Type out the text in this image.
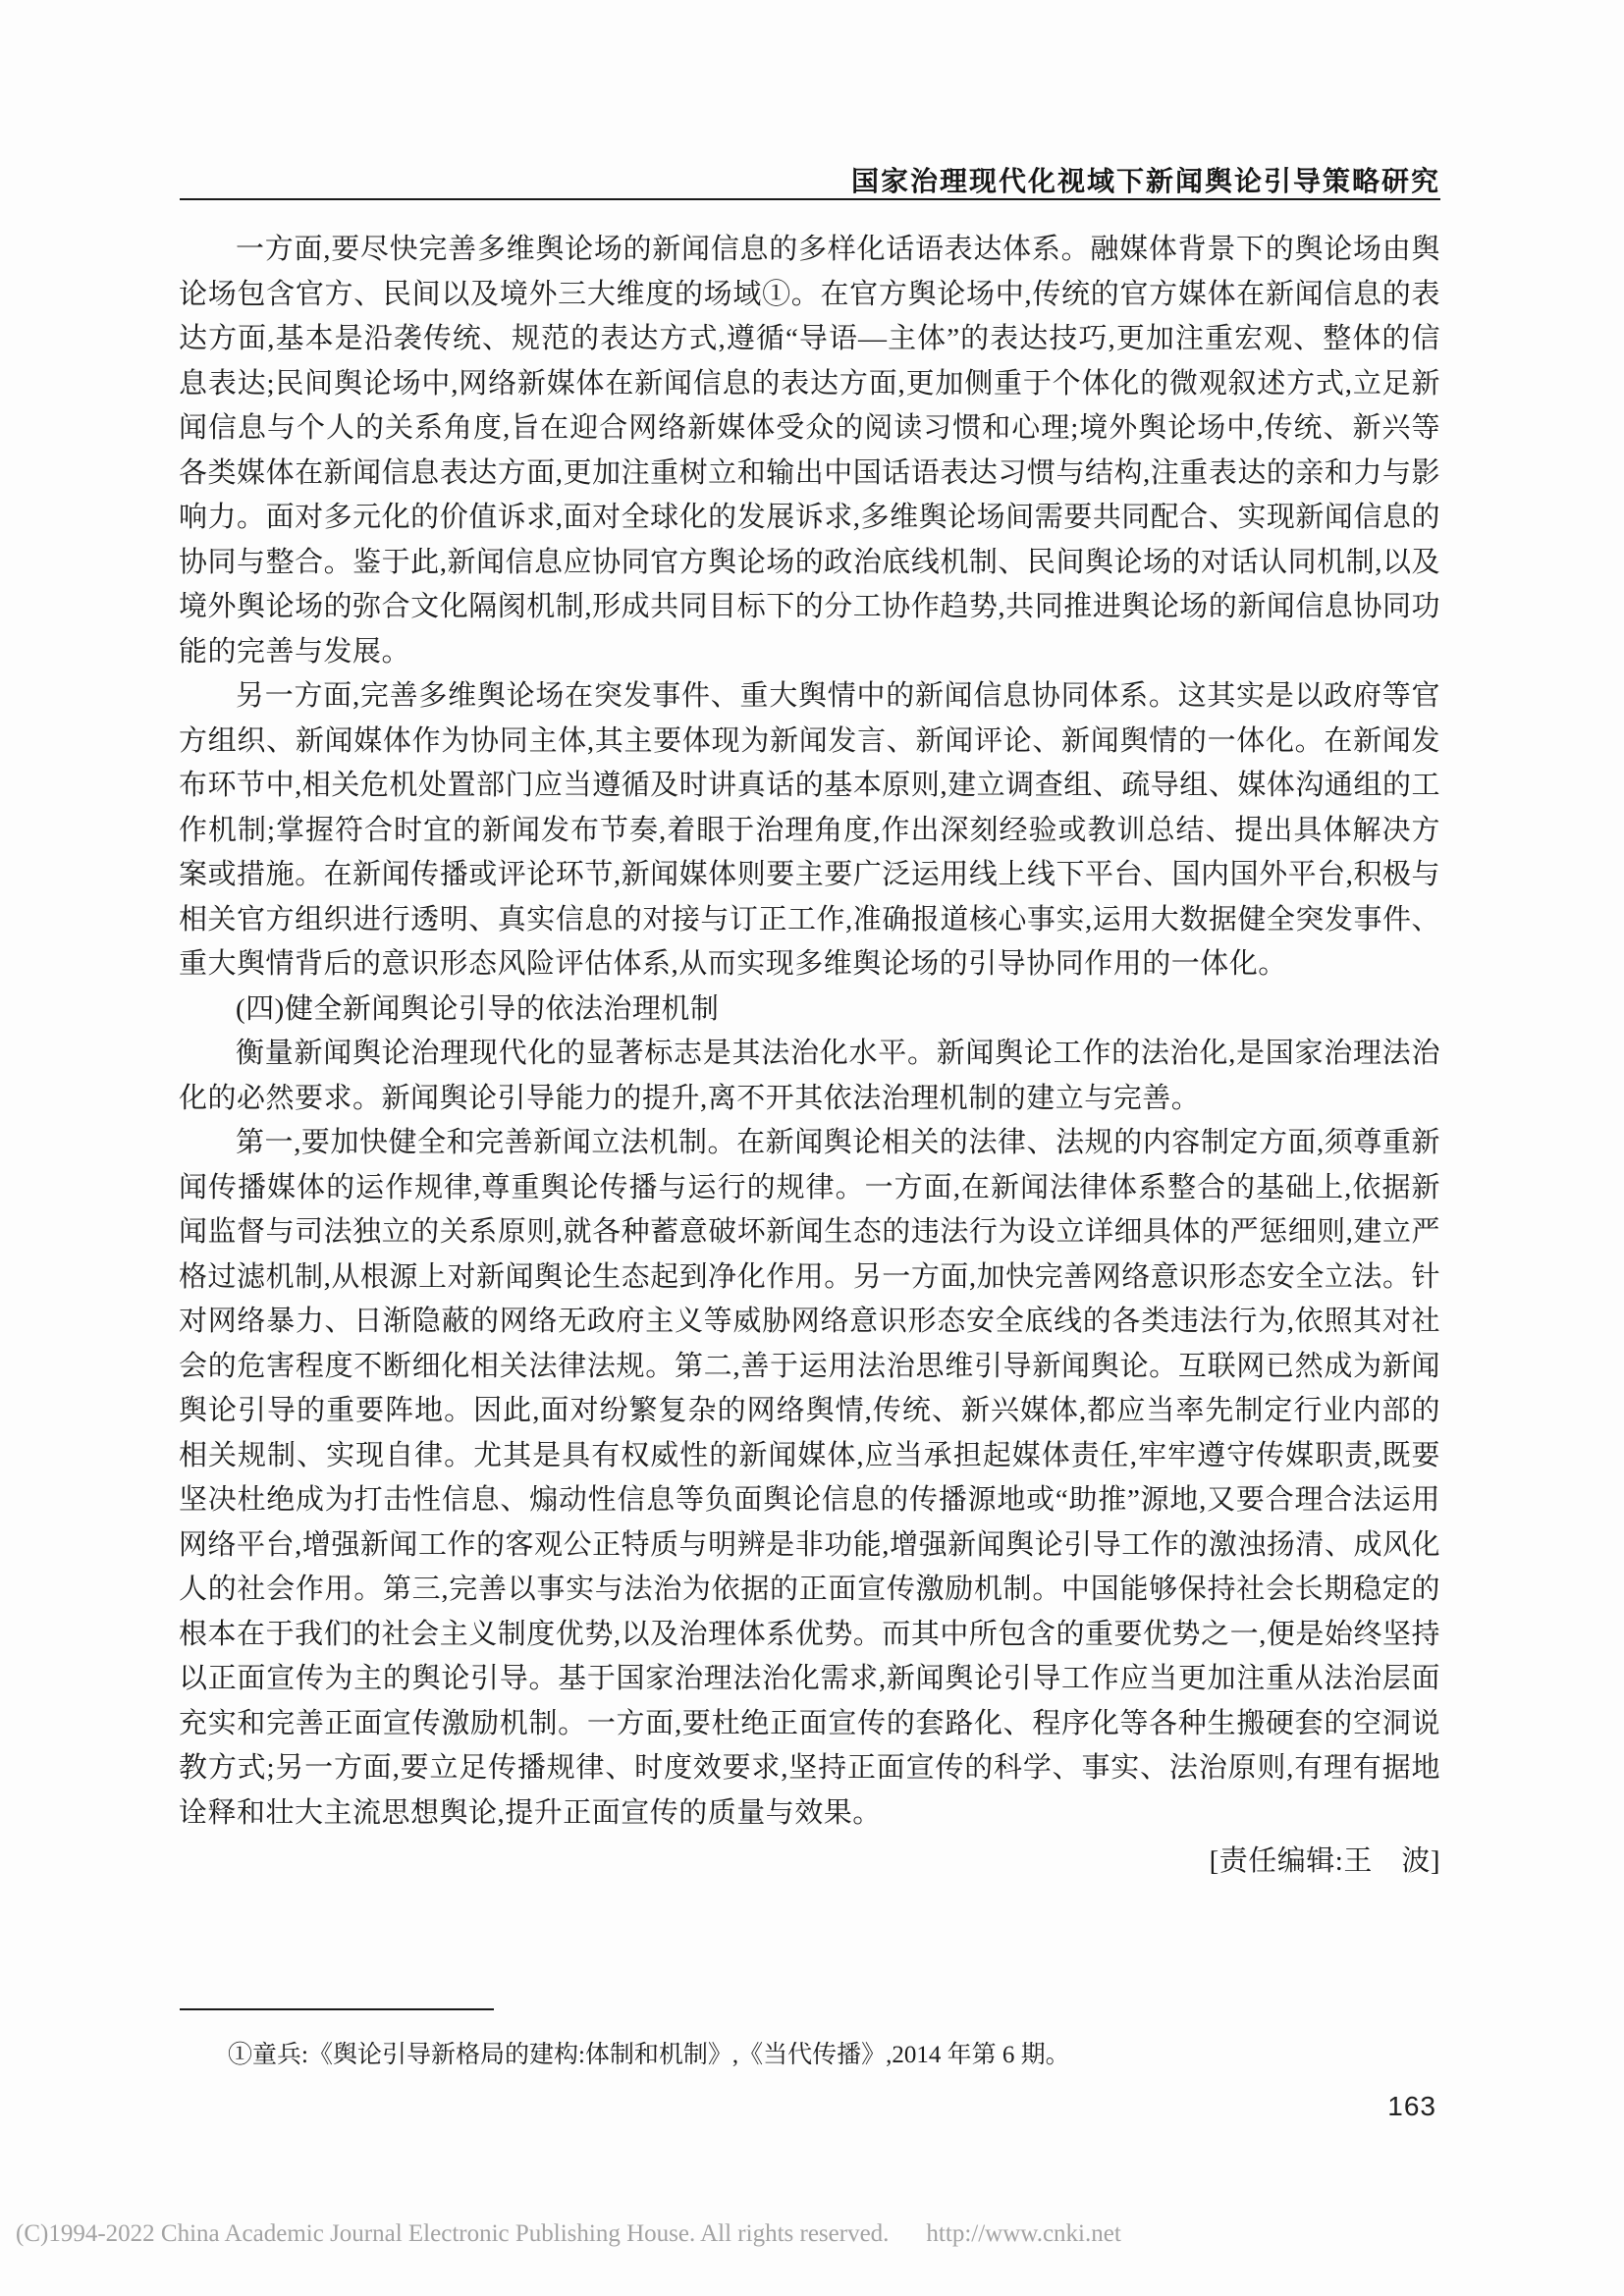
国家治理现代化视域下新闻舆论引导策略研究

一方面,要尽快完善多维舆论场的新闻信息的多样化话语表达体系。融媒体背景下的舆论场由舆论场包含官方、民间以及境外三大维度的场域①。在官方舆论场中,传统的官方媒体在新闻信息的表达方面,基本是沿袭传统、规范的表达方式,遵循“导语—主体”的表达技巧,更加注重宏观、整体的信息表达;民间舆论场中,网络新媒体在新闻信息的表达方面,更加侧重于个体化的微观叙述方式,立足新闻信息与个人的关系角度,旨在迎合网络新媒体受众的阅读习惯和心理;境外舆论场中,传统、新兴等各类媒体在新闻信息表达方面,更加注重树立和输出中国话语表达习惯与结构,注重表达的亲和力与影响力。面对多元化的价值诉求,面对全球化的发展诉求,多维舆论场间需要共同配合、实现新闻信息的协同与整合。鉴于此,新闻信息应协同官方舆论场的政治底线机制、民间舆论场的对话认同机制,以及境外舆论场的弥合文化隔阂机制,形成共同目标下的分工协作趋势,共同推进舆论场的新闻信息协同功能的完善与发展。

另一方面,完善多维舆论场在突发事件、重大舆情中的新闻信息协同体系。这其实是以政府等官方组织、新闻媒体作为协同主体,其主要体现为新闻发言、新闻评论、新闻舆情的一体化。在新闻发布环节中,相关危机处置部门应当遵循及时讲真话的基本原则,建立调查组、疏导组、媒体沟通组的工作机制;掌握符合时宜的新闻发布节奏,着眼于治理角度,作出深刻经验或教训总结、提出具体解决方案或措施。在新闻传播或评论环节,新闻媒体则要主要广泛运用线上线下平台、国内国外平台,积极与相关官方组织进行透明、真实信息的对接与订正工作,准确报道核心事实,运用大数据健全突发事件、重大舆情背后的意识形态风险评估体系,从而实现多维舆论场的引导协同作用的一体化。

(四)健全新闻舆论引导的依法治理机制

衡量新闻舆论治理现代化的显著标志是其法治化水平。新闻舆论工作的法治化,是国家治理法治化的必然要求。新闻舆论引导能力的提升,离不开其依法治理机制的建立与完善。

第一,要加快健全和完善新闻立法机制。在新闻舆论相关的法律、法规的内容制定方面,须尊重新闻传播媒体的运作规律,尊重舆论传播与运行的规律。一方面,在新闻法律体系整合的基础上,依据新闻监督与司法独立的关系原则,就各种蓄意破坏新闻生态的违法行为设立详细具体的严惩细则,建立严格过滤机制,从根源上对新闻舆论生态起到净化作用。另一方面,加快完善网络意识形态安全立法。针对网络暴力、日渐隐蔽的网络无政府主义等威胁网络意识形态安全底线的各类违法行为,依照其对社会的危害程度不断细化相关法律法规。第二,善于运用法治思维引导新闻舆论。互联网已然成为新闻舆论引导的重要阵地。因此,面对纷繁复杂的网络舆情,传统、新兴媒体,都应当率先制定行业内部的相关规制、实现自律。尤其是具有权威性的新闻媒体,应当承担起媒体责任,牢牢遵守传媒职责,既要坚决杜绝成为打击性信息、煽动性信息等负面舆论信息的传播源地或“助推”源地,又要合理合法运用网络平台,增强新闻工作的客观公正特质与明辨是非功能,增强新闻舆论引导工作的激浊扬清、成风化人的社会作用。第三,完善以事实与法治为依据的正面宣传激励机制。中国能够保持社会长期稳定的根本在于我们的社会主义制度优势,以及治理体系优势。而其中所包含的重要优势之一,便是始终坚持以正面宣传为主的舆论引导。基于国家治理法治化需求,新闻舆论引导工作应当更加注重从法治层面充实和完善正面宣传激励机制。一方面,要杜绝正面宣传的套路化、程序化等各种生搬硬套的空洞说教方式;另一方面,要立足传播规律、时度效要求,坚持正面宣传的科学、事实、法治原则,有理有据地诠释和壮大主流思想舆论,提升正面宣传的质量与效果。

[责任编辑:王　波]

①童兵:《舆论引导新格局的建构:体制和机制》,《当代传播》,2014 年第 6 期。
163
(C)1994-2022 China Academic Journal Electronic Publishing House. All rights reserved. http://www.cnki.net
